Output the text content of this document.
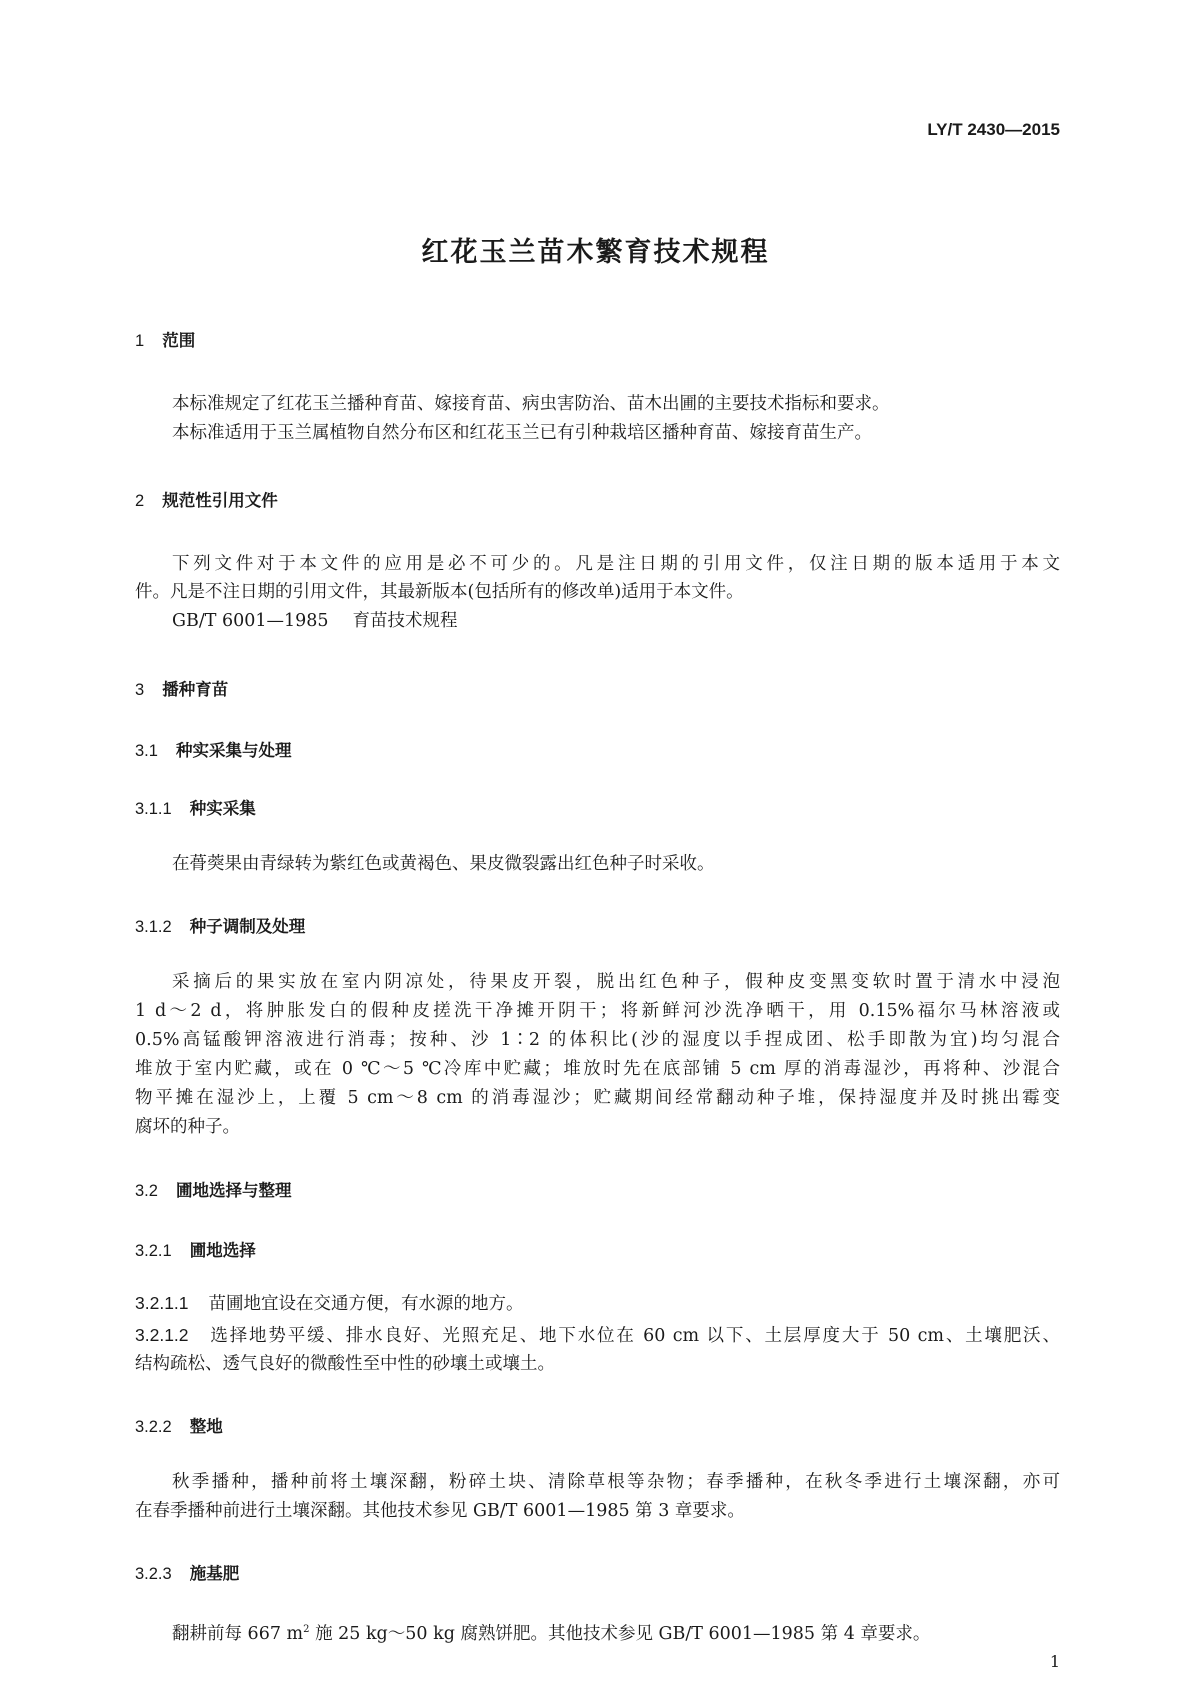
LY/T 2430—2015
红花玉兰苗木繁育技术规程
1 范围
本标准规定了红花玉兰播种育苗、嫁接育苗、病虫害防治、苗木出圃的主要技术指标和要求。
本标准适用于玉兰属植物自然分布区和红花玉兰已有引种栽培区播种育苗、嫁接育苗生产。
2 规范性引用文件
下列文件对于本文件的应用是必不可少的。凡是注日期的引用文件，仅注日期的版本适用于本文
件。凡是不注日期的引用文件，其最新版本(包括所有的修改单)适用于本文件。
GB/T 6001—1985 育苗技术规程
3 播种育苗
3.1 种实采集与处理
3.1.1 种实采集
在蓇葖果由青绿转为紫红色或黄褐色、果皮微裂露出红色种子时采收。
3.1.2 种子调制及处理
采摘后的果实放在室内阴凉处，待果皮开裂，脱出红色种子，假种皮变黑变软时置于清水中浸泡
1 d～2 d，将肿胀发白的假种皮搓洗干净摊开阴干；将新鲜河沙洗净晒干，用 0.15%福尔马林溶液或
0.5%高锰酸钾溶液进行消毒；按种、沙 1∶2 的体积比(沙的湿度以手捏成团、松手即散为宜)均匀混合
堆放于室内贮藏，或在 0 ℃～5 ℃冷库中贮藏；堆放时先在底部铺 5 cm 厚的消毒湿沙，再将种、沙混合
物平摊在湿沙上，上覆 5 cm～8 cm 的消毒湿沙；贮藏期间经常翻动种子堆，保持湿度并及时挑出霉变
腐坏的种子。
3.2 圃地选择与整理
3.2.1 圃地选择
3.2.1.1 苗圃地宜设在交通方便，有水源的地方。
3.2.1.2 选择地势平缓、排水良好、光照充足、地下水位在 60 cm 以下、土层厚度大于 50 cm、土壤肥沃、
结构疏松、透气良好的微酸性至中性的砂壤土或壤土。
3.2.2 整地
秋季播种，播种前将土壤深翻，粉碎土块、清除草根等杂物；春季播种，在秋冬季进行土壤深翻，亦可
在春季播种前进行土壤深翻。其他技术参见 GB/T 6001—1985 第 3 章要求。
3.2.3 施基肥
翻耕前每 667 $m^2$ 施 25 kg～50 kg 腐熟饼肥。其他技术参见 GB/T 6001—1985 第 4 章要求。
1
